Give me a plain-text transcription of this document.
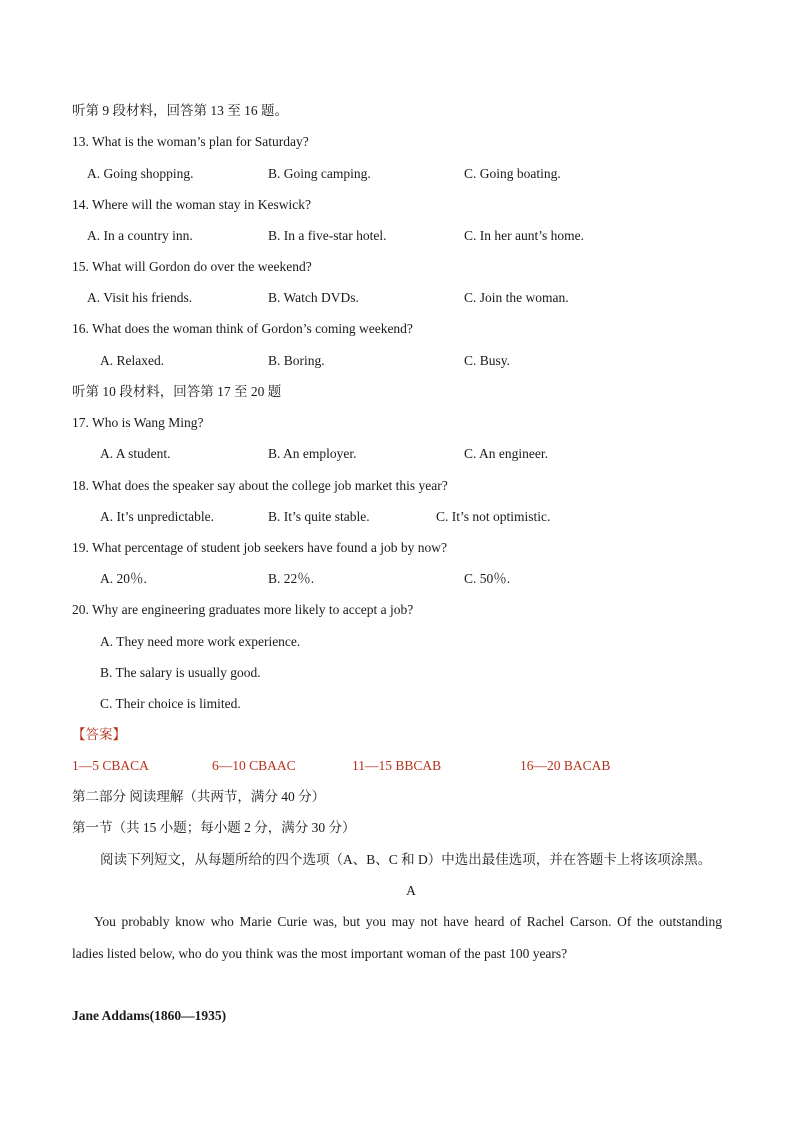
听第 9 段材料，回答第 13 至 16 题。
13. What is the woman’s plan for Saturday?
A. Going shopping.	B. Going camping.	C. Going boating.
14. Where will the woman stay in Keswick?
A. In a country inn.	B. In a five-star hotel.	C. In her aunt’s home.
15. What will Gordon do over the weekend?
A. Visit his friends.	B. Watch DVDs.	C. Join the woman.
16. What does the woman think of Gordon’s coming weekend?
A. Relaxed.	B. Boring.	C. Busy.
听第 10 段材料，回答第 17 至 20 题
17. Who is Wang Ming?
A. A student.	B. An employer.	C. An engineer.
18. What does the speaker say about the college job market this year?
A. It’s unpredictable.	B. It’s quite stable.	C. It’s not optimistic.
19. What percentage of student job seekers have found a job by now?
A. 20％.	B. 22％.	C. 50％.
20. Why are engineering graduates more likely to accept a job?
A. They need more work experience.
B. The salary is usually good.
C. Their choice is limited.
【答案】
1—5 CBACA	6—10 CBAAC	11—15 BBCAB	16—20 BACAB
第二部分 阅读理解（共两节，满分 40 分）
第一节（共 15 小题；每小题 2 分，满分 30 分）
阅读下列短文，从每题所给的四个选项（A、B、C 和 D）中选出最佳选项，并在答题卡上将该项涂黑。
A
You probably know who Marie Curie was, but you may not have heard of Rachel Carson. Of the outstanding
ladies listed below, who do you think was the most important woman of the past 100 years?
Jane Addams(1860—1935)
